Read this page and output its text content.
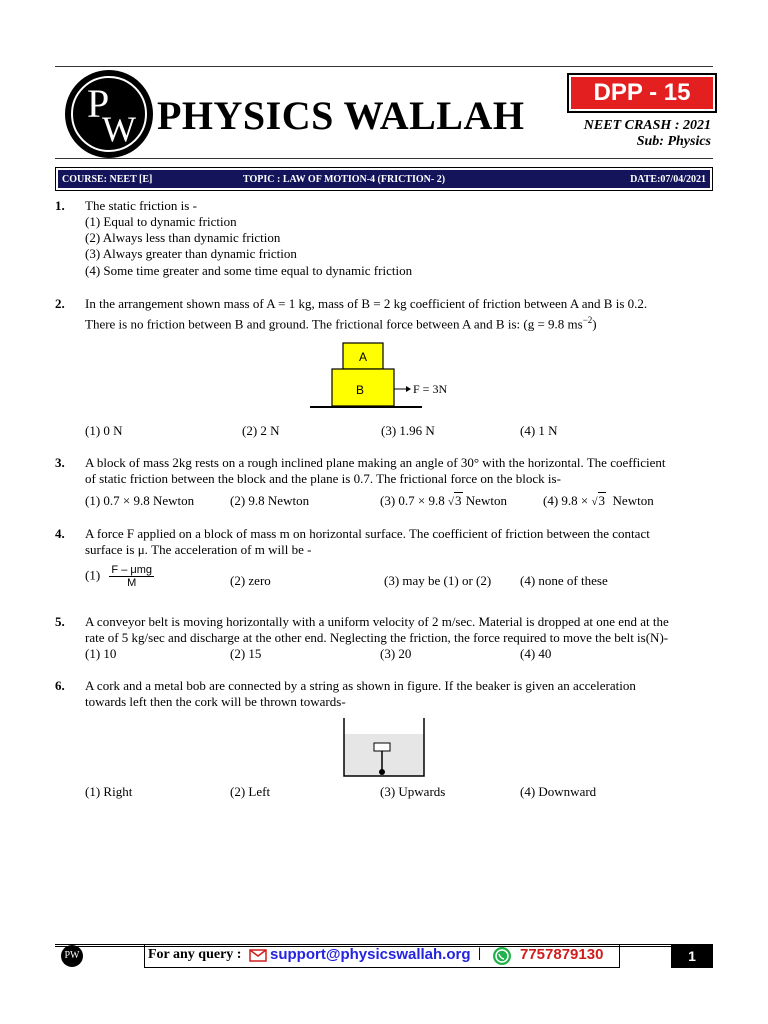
P
W PHYSICS WALLAH
DPP - 15
NEET CRASH : 2021
Sub: Physics
COURSE: NEET [E]	TOPIC : LAW OF MOTION-4 (FRICTION- 2)	DATE:07/04/2021
1. The static friction is -
(1) Equal to dynamic friction
(2) Always less than dynamic friction
(3) Always greater than dynamic friction
(4) Some time greater and some time equal to dynamic friction
2. In the arrangement shown mass of A = 1 kg, mass of B = 2 kg coefficient of friction between A and B is 0.2.
There is no friction between B and ground. The frictional force between A and B is: (g = 9.8 $ms^{-2}$)
A
B	F = 3N
(1) 0 N	(2) 2 N	(3) 1.96 N	(4) 1 N
3. A block of mass 2kg rests on a rough inclined plane making an angle of 30° with the horizontal. The coefficient
of static friction between the block and the plane is 0.7. The frictional force on the block is-
(1) 0.7 × 9.8 Newton	(2) 9.8 Newton	(3) 0.7 × 9.8 √3 Newton	(4) 9.8 × √3 Newton
4. A force F applied on a block of mass m on horizontal surface. The coefficient of friction between the contact
surface is μ. The acceleration of m will be -
$(1) \frac{\text{F – μmg}}{M}$	(2) zero	(3) may be (1) or (2) (4) none of these
5. A conveyor belt is moving horizontally with a uniform velocity of 2 m/sec. Material is dropped at one end at the
rate of 5 kg/sec and discharge at the other end. Neglecting the friction, the force required to move the belt is(N)-
(1) 10	(2) 15	(3) 20	(4) 40
6. A cork and a metal bob are connected by a string as shown in figure. If the beaker is given an acceleration
towards left then the cork will be thrown towards-
(1) Right	(2) Left	(3) Upwards	(4) Downward
PW	For any query : support@physicswallah.org |	7757879130	1
